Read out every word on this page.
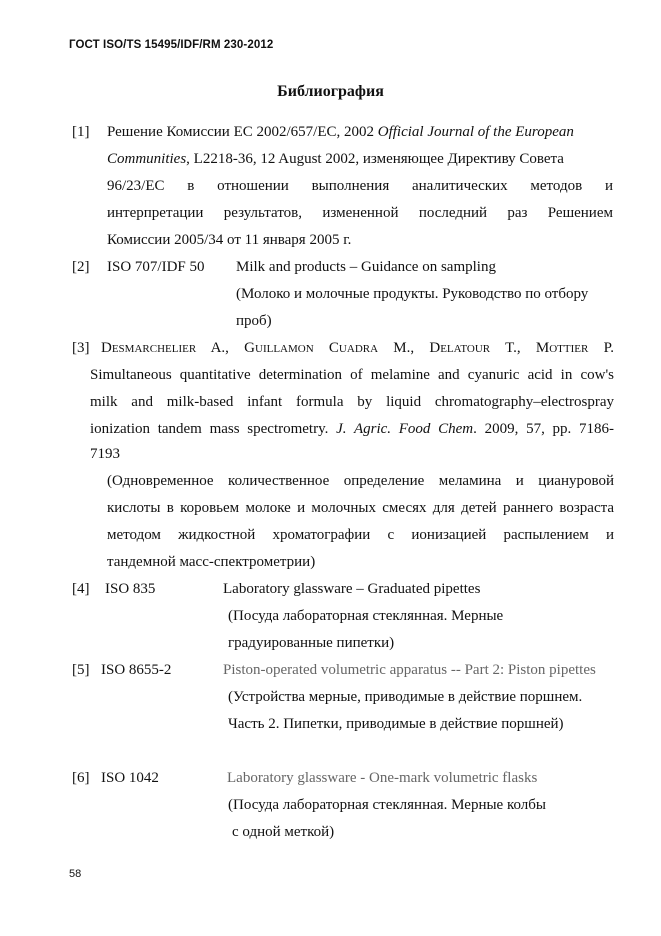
ГОСТ ISO/TS 15495/IDF/RM 230-2012
Библиография
[1] Решение Комиссии ЕС 2002/657/ЕС, 2002 Official Journal of the European
Communities, L2218-36, 12 August 2002, изменяющее Директиву Совета
96/23/EC в отношении выполнения аналитических методов и
интерпретации результатов, измененной последний раз Решением
Комиссии 2005/34 от 11 января 2005 г.
[2] ISO 707/IDF 50 Milk and products – Guidance on sampling
(Молоко и молочные продукты. Руководство по отбору
проб)
[3] Desmarchelier A., Guillamon Cuadra M., Delatour T., Mottier P.
Simultaneous quantitative determination of melamine and cyanuric acid in cow's
milk and milk-based infant formula by liquid chromatography–electrospray
ionization tandem mass spectrometry. J. Agric. Food Chem. 2009, 57, pp. 7186-
7193
(Одновременное количественное определение меламина и циануровой
кислоты в коровьем молоке и молочных смесях для детей раннего возраста
методом жидкостной хроматографии с ионизацией распылением и
тандемной масс-спектрометрии)
[4] ISO 835	Laboratory glassware – Graduated pipettes
(Посуда лабораторная стеклянная. Мерные
градуированные пипетки)
[5] ISO 8655-2	Piston-operated volumetric apparatus -- Part 2: Piston pipettes
(Устройства мерные, приводимые в действие поршнем.
Часть 2. Пипетки, приводимые в действие поршней)
[6] ISO 1042	Laboratory glassware - One-mark volumetric flasks
(Посуда лабораторная стеклянная. Мерные колбы
с одной меткой)
58
